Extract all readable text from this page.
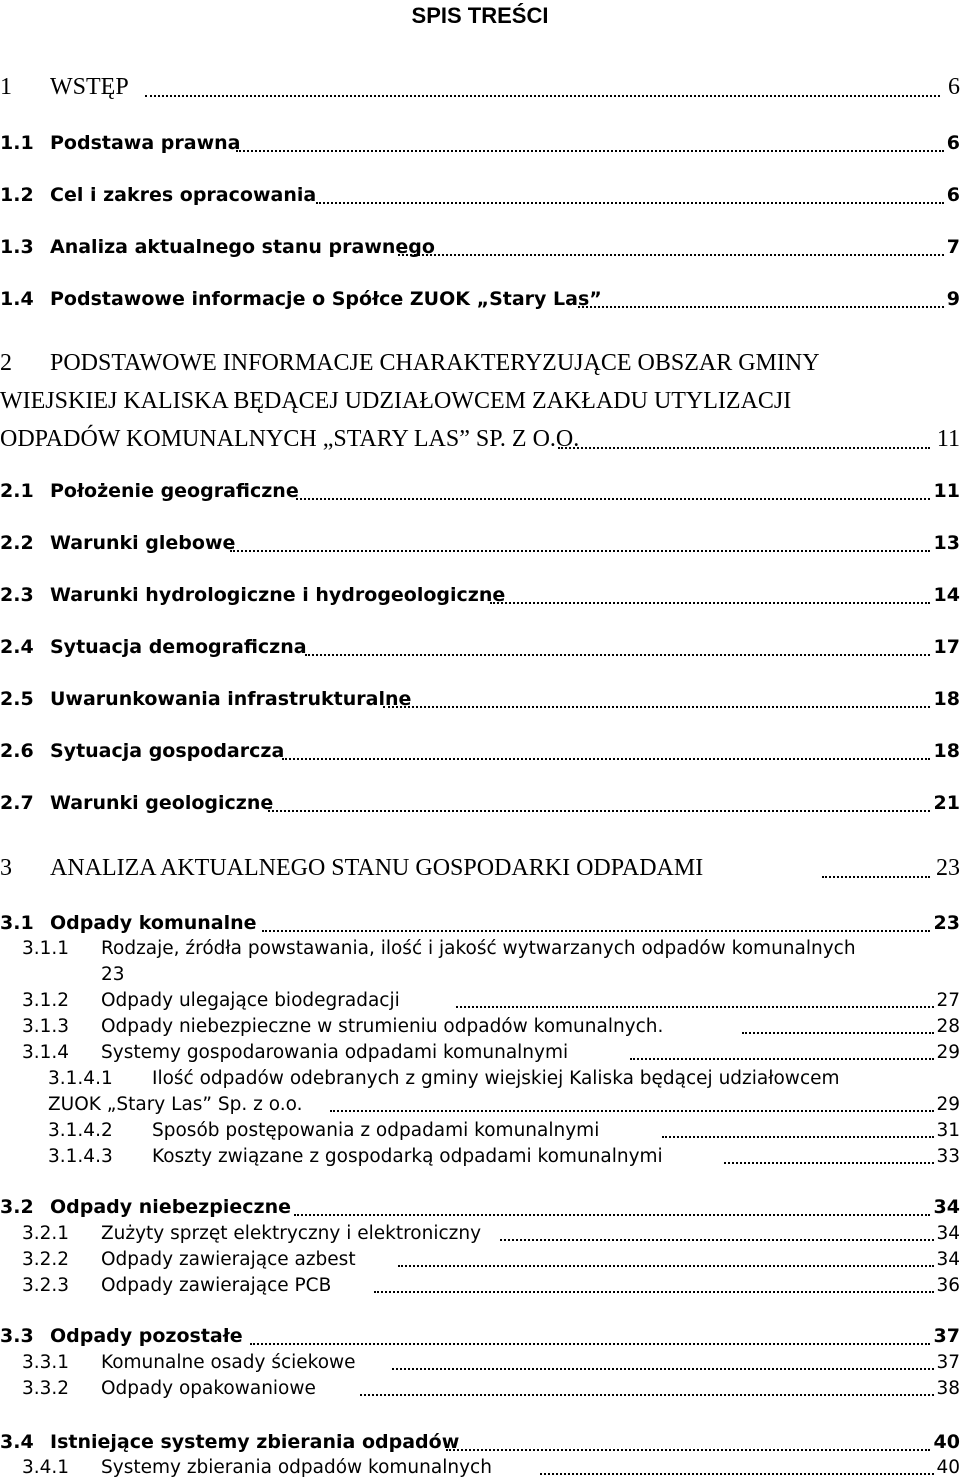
SPIS TREŚCI
1 WSTĘP	6
1.1 Podstawa prawna	6
1.2 Cel i zakres opracowania	6
1.3 Analiza aktualnego stanu prawnego	7
1.4 Podstawowe informacje o Spółce ZUOK „Stary Las”	9
2 PODSTAWOWE INFORMACJE CHARAKTERYZUJĄCE OBSZAR GMINY
WIEJSKIEJ KALISKA BĘDĄCEJ UDZIAŁOWCEM ZAKŁADU UTYLIZACJI
ODPADÓW KOMUNALNYCH „STARY LAS” SP. Z O.O.	11
2.1 Położenie geograficzne	11
2.2 Warunki glebowe	13
2.3 Warunki hydrologiczne i hydrogeologiczne	14
2.4 Sytuacja demograficzna	17
2.5 Uwarunkowania infrastrukturalne	18
2.6 Sytuacja gospodarcza	18
2.7 Warunki geologiczne	21
3 ANALIZA AKTUALNEGO STANU GOSPODARKI ODPADAMI	23
3.1 Odpady komunalne	23
3.1.1 Rodzaje, źródła powstawania, ilość i jakość wytwarzanych odpadów komunalnych
23
3.1.2 Odpady ulegające biodegradacji	27
3.1.3 Odpady niebezpieczne w strumieniu odpadów komunalnych.	28
3.1.4 Systemy gospodarowania odpadami komunalnymi	29
3.1.4.1 Ilość odpadów odebranych z gminy wiejskiej Kaliska będącej udziałowcem
ZUOK „Stary Las” Sp. z o.o.	29
3.1.4.2 Sposób postępowania z odpadami komunalnymi	31
3.1.4.3 Koszty związane z gospodarką odpadami komunalnymi	33
3.2 Odpady niebezpieczne	34
3.2.1 Zużyty sprzęt elektryczny i elektroniczny	34
3.2.2 Odpady zawierające azbest	34
3.2.3 Odpady zawierające PCB	36
3.3 Odpady pozostałe	37
3.3.1 Komunalne osady ściekowe	37
3.3.2 Odpady opakowaniowe	38
3.4 Istniejące systemy zbierania odpadów	40
3.4.1 Systemy zbierania odpadów komunalnych	40
